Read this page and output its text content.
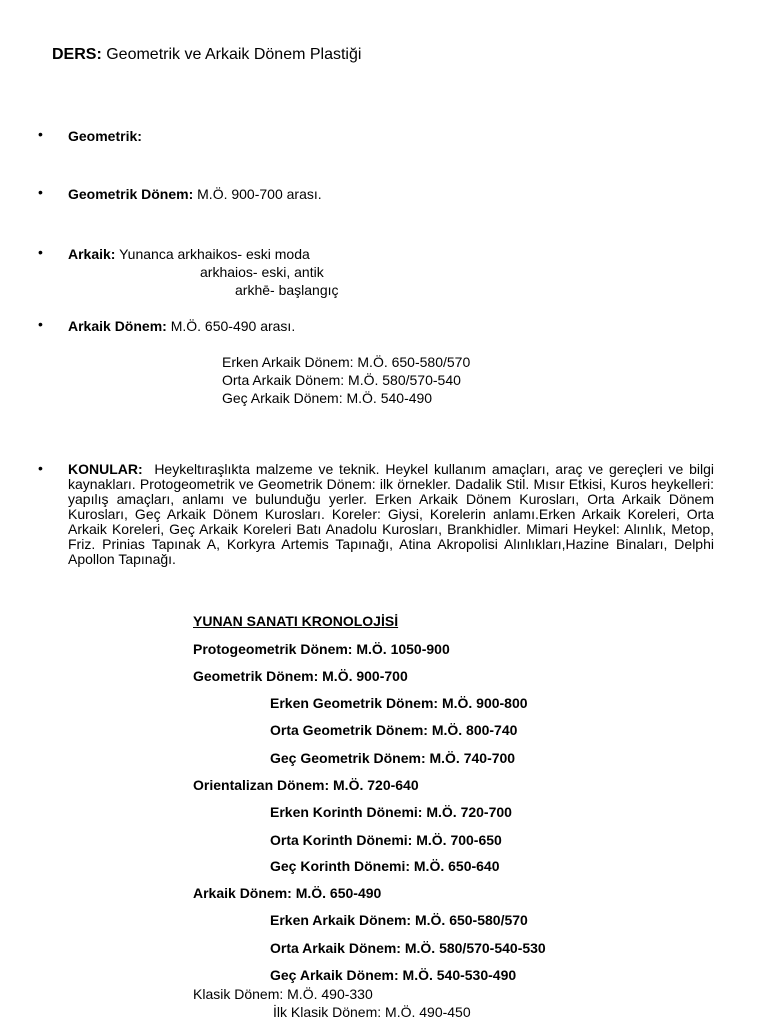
DERS: Geometrik ve Arkaik Dönem Plastiği
• Geometrik:
• Geometrik Dönem: M.Ö. 900-700 arası.
• Arkaik: Yunanca arkhaikos- eski moda
arkhaios- eski, antik
arkhē- başlangıç
• Arkaik Dönem: M.Ö. 650-490 arası.
Erken Arkaik Dönem: M.Ö. 650-580/570
Orta Arkaik Dönem: M.Ö. 580/570-540
Geç Arkaik Dönem: M.Ö. 540-490
• KONULAR: Heykeltıraşlıkta malzeme ve teknik. Heykel kullanım amaçları, araç ve gereçleri ve bilgi kaynakları. Protogeometrik ve Geometrik Dönem: ilk örnekler. Dadalik Stil. Mısır Etkisi, Kuros heykelleri: yapılış amaçları, anlamı ve bulunduğu yerler. Erken Arkaik Dönem Kurosları, Orta Arkaik Dönem Kurosları, Geç Arkaik Dönem Kurosları. Koreler: Giysi, Korelerin anlamı.Erken Arkaik Koreleri, Orta Arkaik Koreleri, Geç Arkaik Koreleri Batı Anadolu Kurosları, Brankhidler. Mimari Heykel: Alınlık, Metop, Friz. Prinias Tapınak A, Korkyra Artemis Tapınağı, Atina Akropolisi Alınlıkları,Hazine Binaları, Delphi Apollon Tapınağı.

YUNAN SANATI KRONOLOJİSİ
Protogeometrik Dönem: M.Ö. 1050-900
Geometrik Dönem: M.Ö. 900-700
Erken Geometrik Dönem: M.Ö. 900-800
Orta Geometrik Dönem: M.Ö. 800-740
Geç Geometrik Dönem: M.Ö. 740-700
Orientalizan Dönem: M.Ö. 720-640
Erken Korinth Dönemi: M.Ö. 720-700
Orta Korinth Dönemi: M.Ö. 700-650
Geç Korinth Dönemi: M.Ö. 650-640
Arkaik Dönem: M.Ö. 650-490
Erken Arkaik Dönem: M.Ö. 650-580/570
Orta Arkaik Dönem: M.Ö. 580/570-540-530
Geç Arkaik Dönem: M.Ö. 540-530-490
Klasik Dönem: M.Ö. 490-330
İlk Klasik Dönem: M.Ö. 490-450
